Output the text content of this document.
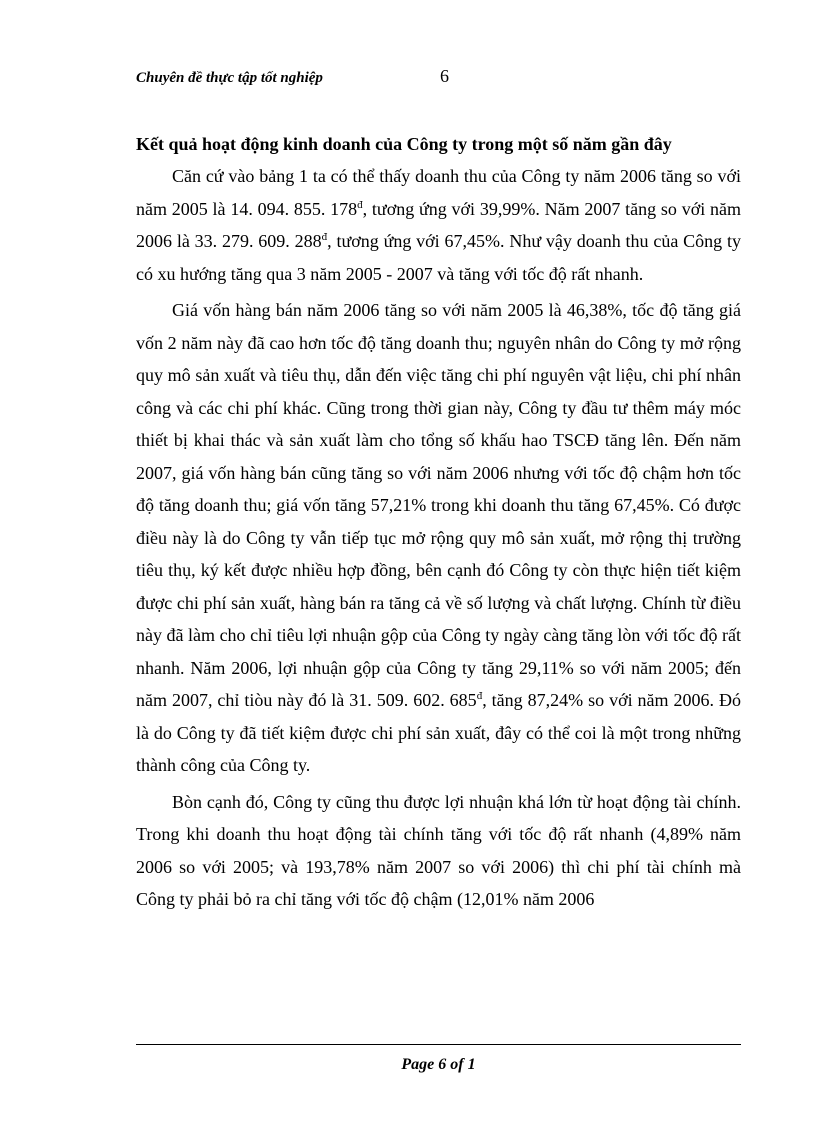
Chuyên đề thực tập tốt nghiệp	6

Kết quả hoạt động kinh doanh của Công ty trong một số năm gần đây

Căn cứ vào bảng 1 ta có thể thấy doanh thu của Công ty năm 2006 tăng so với năm 2005 là 14. 094. 855. $178^đ$, tương ứng với 39,99%. Năm 2007 tăng so với năm 2006 là 33. 279. 609. $288^đ$, tương ứng với 67,45%. Như vậy doanh thu của Công ty có xu hướng tăng qua 3 năm 2005 - 2007 và tăng với tốc độ rất nhanh.

Giá vốn hàng bán năm 2006 tăng so với năm 2005 là 46,38%, tốc độ tăng giá vốn 2 năm này đã cao hơn tốc độ tăng doanh thu; nguyên nhân do Công ty mở rộng quy mô sản xuất và tiêu thụ, dẫn đến việc tăng chi phí nguyên vật liệu, chi phí nhân công và các chi phí khác. Cũng trong thời gian này, Công ty đầu tư thêm máy móc thiết bị khai thác và sản xuất làm cho tổng số khấu hao TSCĐ tăng lên. Đến năm 2007, giá vốn hàng bán cũng tăng so với năm 2006 nhưng với tốc độ chậm hơn tốc độ tăng doanh thu; giá vốn tăng 57,21% trong khi doanh thu tăng 67,45%. Có được điều này là do Công ty vẫn tiếp tục mở rộng quy mô sản xuất, mở rộng thị trường tiêu thụ, ký kết được nhiều hợp đồng, bên cạnh đó Công ty còn thực hiện tiết kiệm được chi phí sản xuất, hàng bán ra tăng cả về số lượng và chất lượng. Chính từ điều này đã làm cho chỉ tiêu lợi nhuận gộp của Công ty ngày càng tăng lòn với tốc độ rất nhanh. Năm 2006, lợi nhuận gộp của Công ty tăng 29,11% so với năm 2005; đến năm 2007, chỉ tiòu này đó là 31. 509. 602. $685^đ$, tăng 87,24% so với năm 2006. Đó là do Công ty đã tiết kiệm được chi phí sản xuất, đây có thể coi là một trong những thành công của Công ty.

Bòn cạnh đó, Công ty cũng thu được lợi nhuận khá lớn từ hoạt động tài chính. Trong khi doanh thu hoạt động tài chính tăng với tốc độ rất nhanh (4,89% năm 2006 so với 2005; và 193,78% năm 2007 so với 2006) thì chi phí tài chính mà Công ty phải bỏ ra chỉ tăng với tốc độ chậm (12,01% năm 2006

Page 6 of 1
